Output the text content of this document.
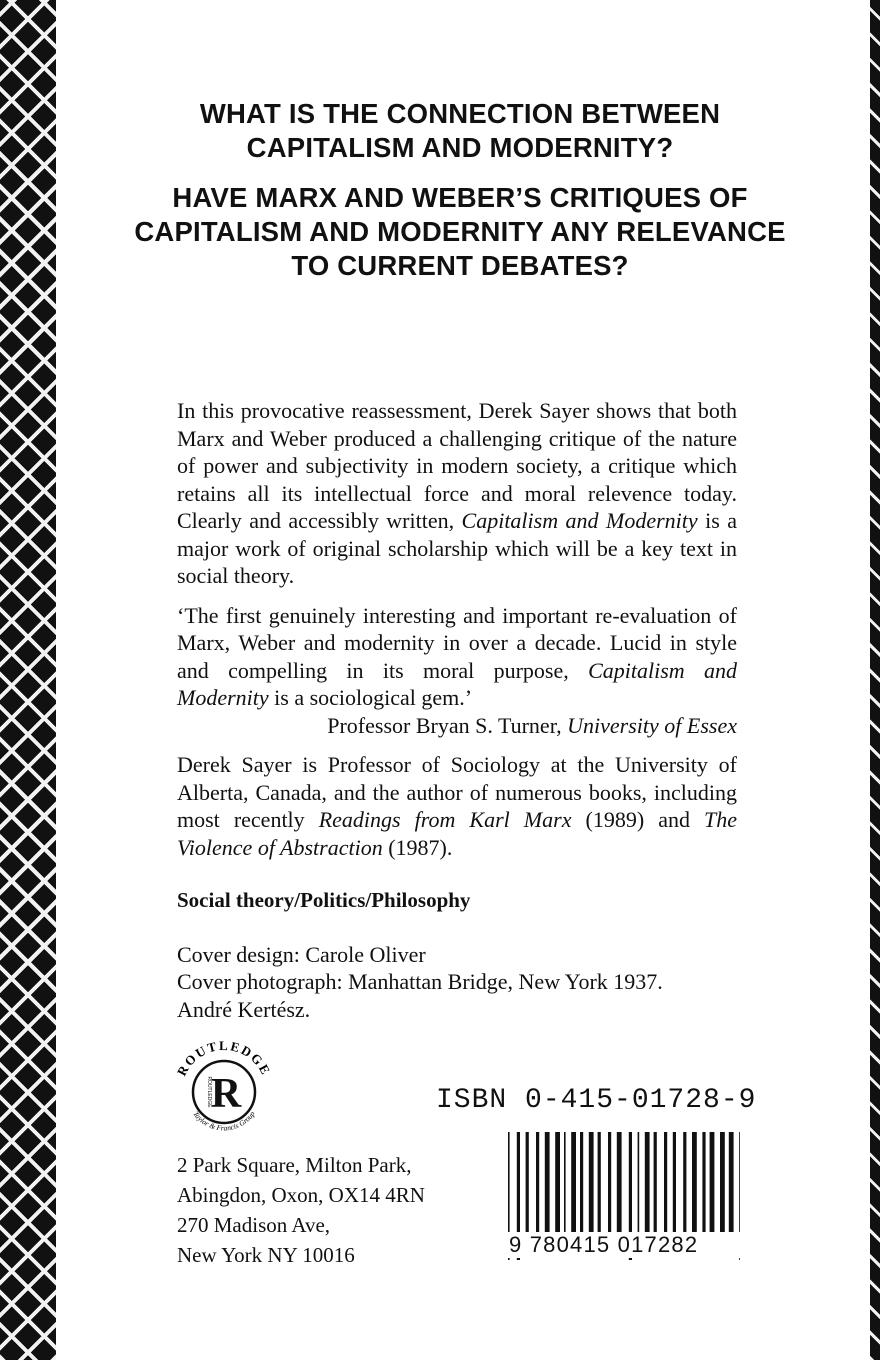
WHAT IS THE CONNECTION BETWEEN CAPITALISM AND MODERNITY?

HAVE MARX AND WEBER’S CRITIQUES OF CAPITALISM AND MODERNITY ANY RELEVANCE TO CURRENT DEBATES?

In this provocative reassessment, Derek Sayer shows that both Marx and Weber produced a challenging critique of the nature of power and subjectivity in modern society, a critique which retains all its intellectual force and moral relevence today. Clearly and accessibly written, Capitalism and Modernity is a major work of original scholarship which will be a key text in social theory.

‘The first genuinely interesting and important re-evaluation of Marx, Weber and modernity in over a decade. Lucid in style and compelling in its moral purpose, Capitalism and Modernity is a sociological gem.’

Professor Bryan S. Turner, University of Essex

Derek Sayer is Professor of Sociology at the University of Alberta, Canada, and the author of numerous books, including most recently Readings from Karl Marx (1989) and The Violence of Abstraction (1987).

Social theory/Politics/Philosophy

Cover design: Carole Oliver
Cover photograph: Manhattan Bridge, New York 1937.
André Kertész.
ROUTLEDGE
Taylor & Francis Group
R
ROUTLEDGE
2 Park Square, Milton Park,
Abingdon, Oxon, OX14 4RN
270 Madison Ave,
New York NY 10016
ISBN 0-415-01728-9
9 780415 017282
